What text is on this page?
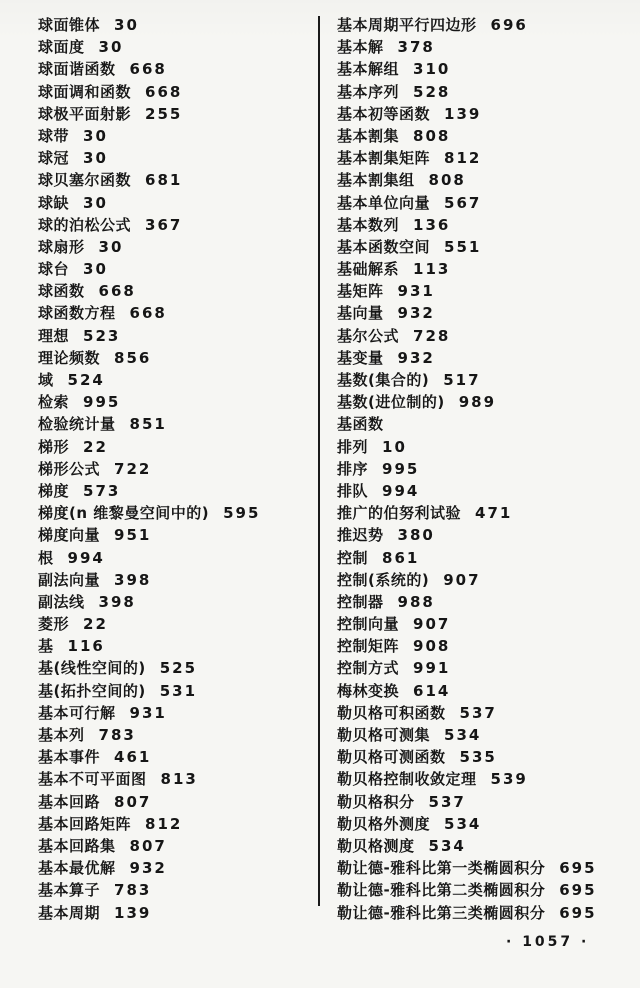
球面锥体 30
球面度 30
球面谐函数 668
球面调和函数 668
球极平面射影 255
球带 30
球冠 30
球贝塞尔函数 681
球缺 30
球的泊松公式 367
球扇形 30
球台 30
球函数 668
球函数方程 668
理想 523
理论频数 856
域 524
检索 995
检验统计量 851
梯形 22
梯形公式 722
梯度 573
梯度(n 维黎曼空间中的) 595
梯度向量 951
根 994
副法向量 398
副法线 398
菱形 22
基 116
基(线性空间的) 525
基(拓扑空间的) 531
基本可行解 931
基本列 783
基本事件 461
基本不可平面图 813
基本回路 807
基本回路矩阵 812
基本回路集 807
基本最优解 932
基本算子 783
基本周期 139
基本周期平行四边形 696
基本解 378
基本解组 310
基本序列 528
基本初等函数 139
基本割集 808
基本割集矩阵 812
基本割集组 808
基本单位向量 567
基本数列 136
基本函数空间 551
基础解系 113
基矩阵 931
基向量 932
基尔公式 728
基变量 932
基数(集合的) 517
基数(进位制的) 989
基函数
排列 10
排序 995
排队 994
推广的伯努利试验 471
推迟势 380
控制 861
控制(系统的) 907
控制器 988
控制向量 907
控制矩阵 908
控制方式 991
梅林变换 614
勒贝格可积函数 537
勒贝格可测集 534
勒贝格可测函数 535
勒贝格控制收敛定理 539
勒贝格积分 537
勒贝格外测度 534
勒贝格测度 534
勒让德-雅科比第一类椭圆积分 695
勒让德-雅科比第二类椭圆积分 695
勒让德-雅科比第三类椭圆积分 695
· 1057 ·
